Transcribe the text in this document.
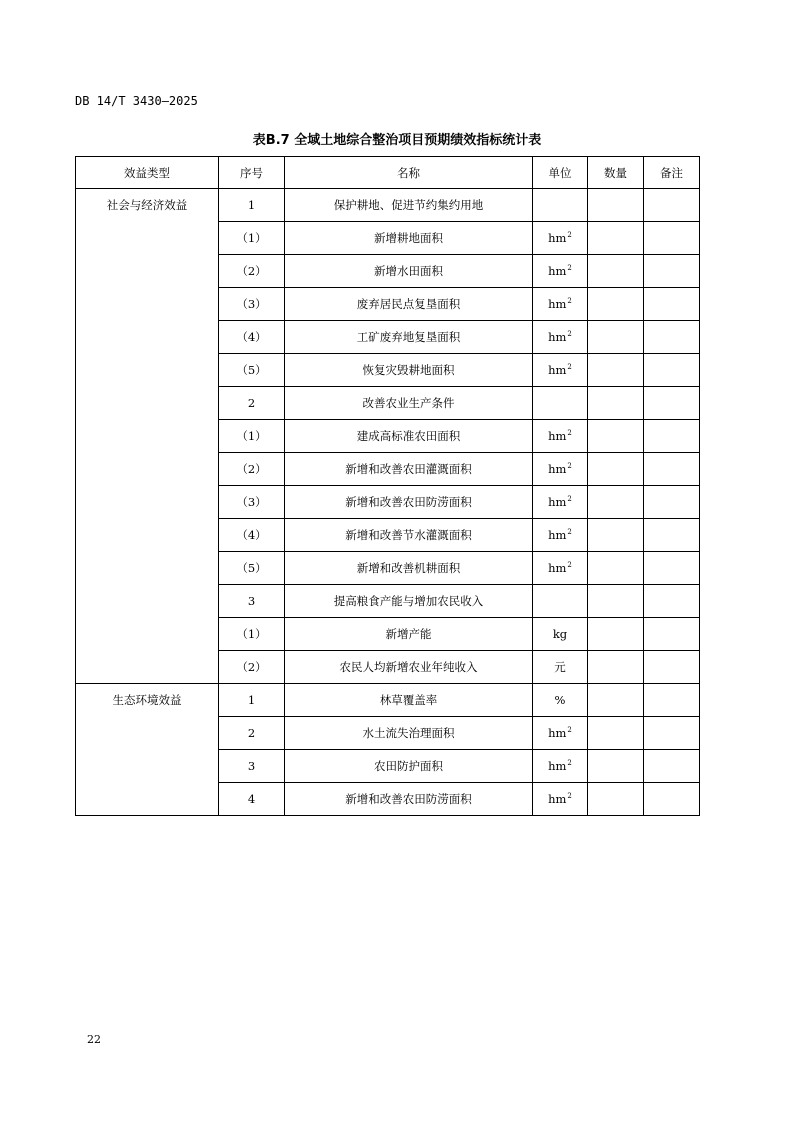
DB 14/T 3430—2025
表B.7 全域土地综合整治项目预期绩效指标统计表
效益类型	序号	名称	单位	数量	备注
社会与经济效益	1	保护耕地、促进节约集约用地			
	（1）	新增耕地面积	$hm^2$		
	（2）	新增水田面积	$hm^2$		
	（3）	废弃居民点复垦面积	$hm^2$		
	（4）	工矿废弃地复垦面积	$hm^2$		
	（5）	恢复灾毁耕地面积	$hm^2$		
	2	改善农业生产条件			
	（1）	建成高标准农田面积	$hm^2$		
	（2）	新增和改善农田灌溉面积	$hm^2$		
	（3）	新增和改善农田防涝面积	$hm^2$		
	（4）	新增和改善节水灌溉面积	$hm^2$		
	（5）	新增和改善机耕面积	$hm^2$		
	3	提高粮食产能与增加农民收入			
	（1）	新增产能	kg		
	（2）	农民人均新增农业年纯收入	元		
生态环境效益	1	林草覆盖率	%		
	2	水土流失治理面积	$hm^2$		
	3	农田防护面积	$hm^2$		
	4	新增和改善农田防涝面积	$hm^2$		
22
